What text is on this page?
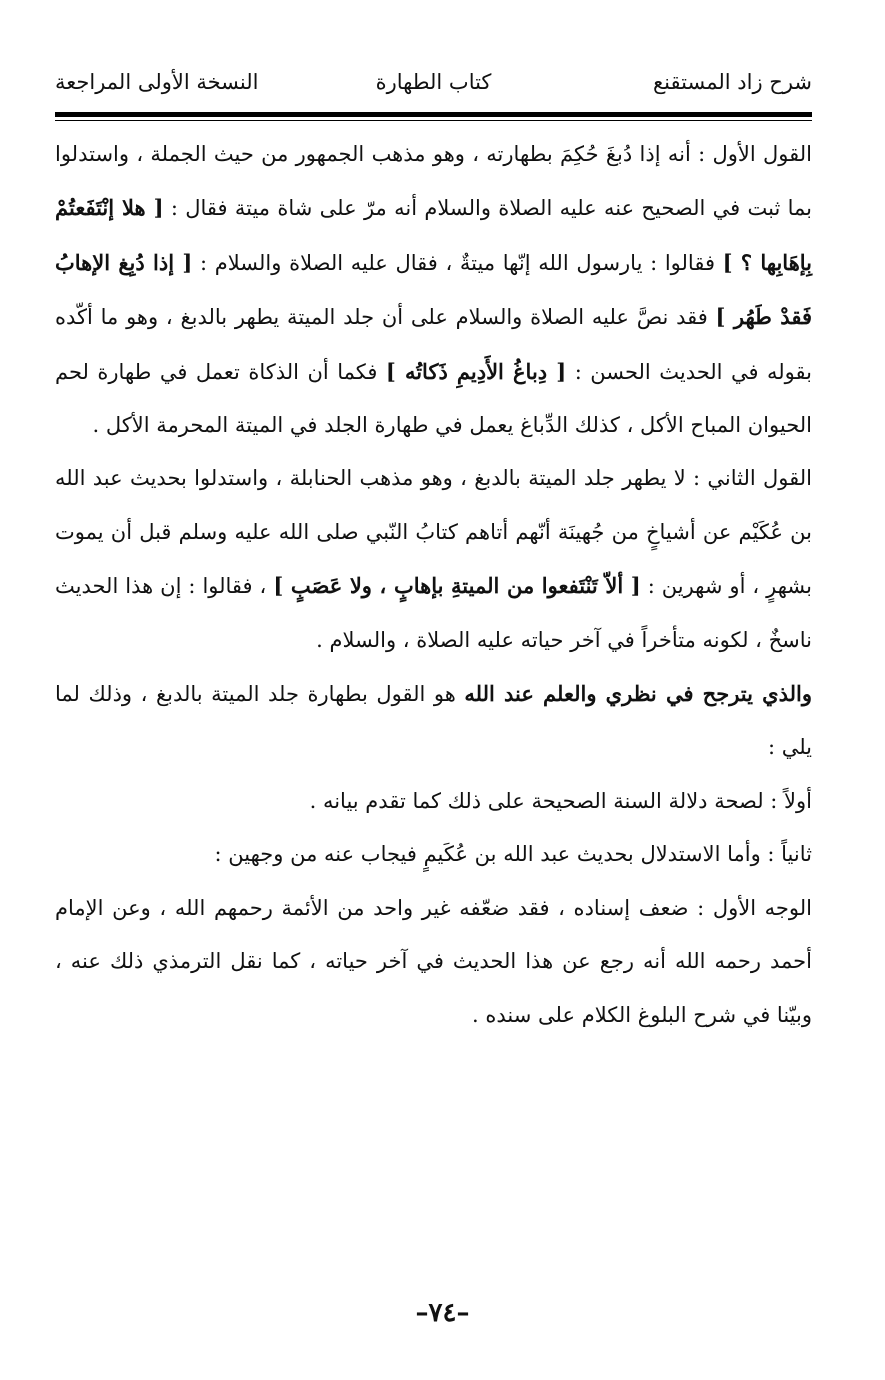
شرح زاد المستقنع
كتاب الطهارة
النسخة الأولى المراجعة

القول الأول : أنه إذا دُبغَ حُكِمَ بطهارته ، وهو مذهب الجمهور من حيث الجملة ، واستدلوا بما ثبت في الصحيح عنه عليه الصلاة والسلام أنه مرّ على شاة ميتة فقال : [ هلا إنْتَفَعتُمْ بِإهَابِها ؟ ] فقالوا : يارسول الله إنّها ميتةٌ ، فقال عليه الصلاة والسلام : [ إذا دُبِغ الإهابُ فَقدْ طَهُر ] فقد نصَّ عليه الصلاة والسلام على أن جلد الميتة يطهر بالدبغ ، وهو ما أكّده بقوله في الحديث الحسن : [ دِباغُ الأَدِيمِ ذَكاتُه ] فكما أن الذكاة تعمل في طهارة لحم الحيوان المباح الأكل ، كذلك الدِّباغ يعمل في طهارة الجلد في الميتة المحرمة الأكل .

القول الثاني : لا يطهر جلد الميتة بالدبغ ، وهو مذهب الحنابلة ، واستدلوا بحديث عبد الله بن عُكَيْم عن أشياخٍ من جُهينَة أنّهم أتاهم كتابُ النّبي صلى الله عليه وسلم قبل أن يموت بشهرٍ ، أو شهرين : [ ألاّ تَنْتَفعوا من الميتةِ بإهابٍ ، ولا عَصَبٍ ] ، فقالوا : إن هذا الحديث ناسخٌ ، لكونه متأخراً في آخر حياته عليه الصلاة ، والسلام .

والذي يترجح في نظري والعلم عند الله هو القول بطهارة جلد الميتة بالدبغ ، وذلك لما يلي :

أولاً : لصحة دلالة السنة الصحيحة على ذلك كما تقدم بيانه .

ثانياً : وأما الاستدلال بحديث عبد الله بن عُكَيمٍ فيجاب عنه من وجهين :

الوجه الأول : ضعف إسناده ، فقد ضعّفه غير واحد من الأئمة رحمهم الله ، وعن الإمام أحمد رحمه الله أنه رجع عن هذا الحديث في آخر حياته ، كما نقل الترمذي ذلك عنه ، وبيّنا في شرح البلوغ الكلام على سنده .

–٧٤–
